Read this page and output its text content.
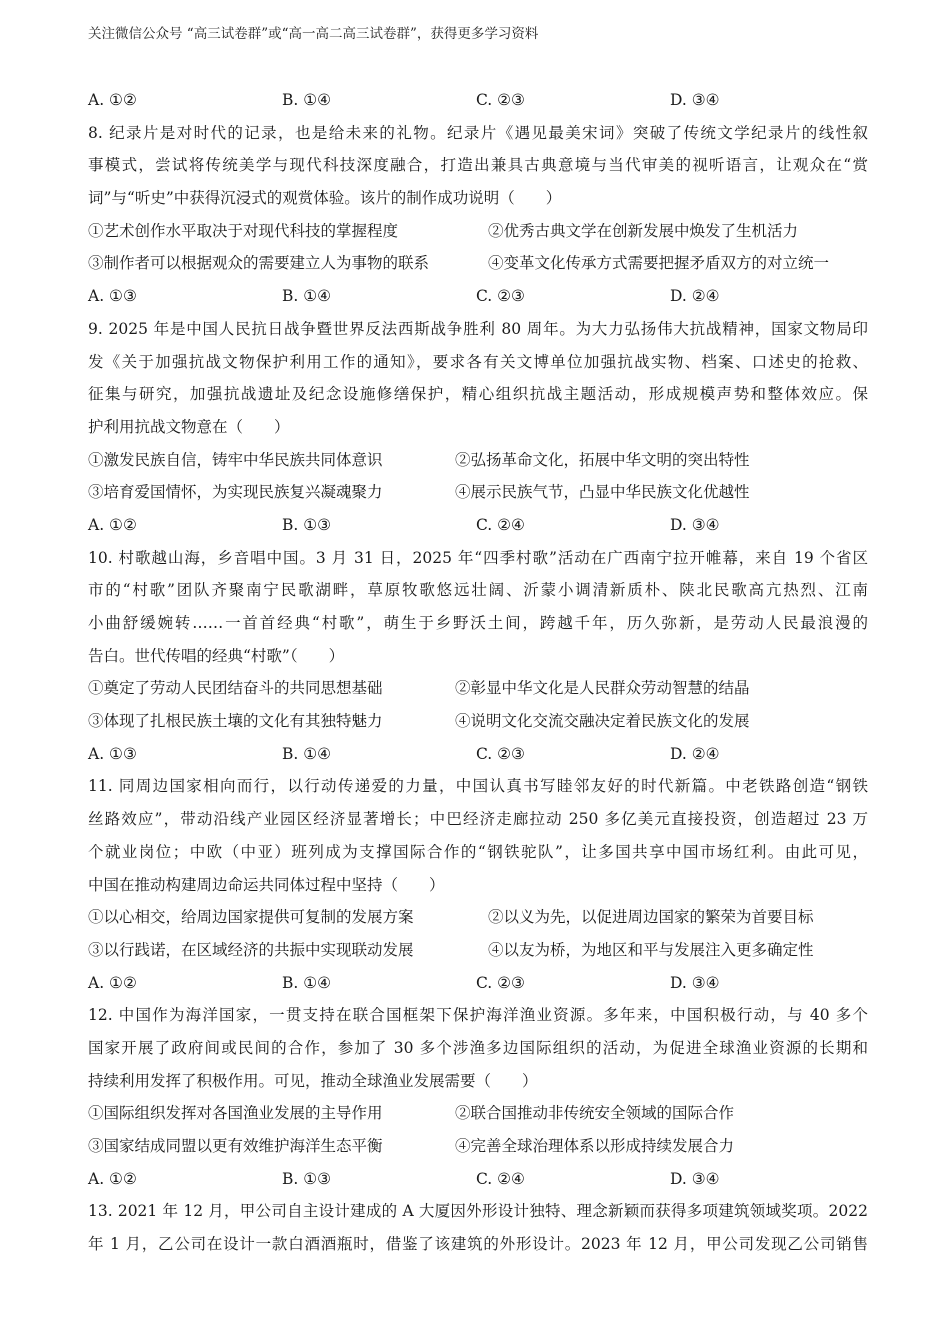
关注微信公众号 “高三试卷群”或“高一高二高三试卷群”，获得更多学习资料
A. ①②	B. ①④	C. ②③	D. ③④
8. 纪录片是对时代的记录，也是给未来的礼物。纪录片《遇见最美宋词》突破了传统文学纪录片的线性叙
事模式，尝试将传统美学与现代科技深度融合，打造出兼具古典意境与当代审美的视听语言，让观众在“赏
词”与“听史”中获得沉浸式的观赏体验。该片的制作成功说明（　　）
①艺术创作水平取决于对现代科技的掌握程度	②优秀古典文学在创新发展中焕发了生机活力
③制作者可以根据观众的需要建立人为事物的联系	④变革文化传承方式需要把握矛盾双方的对立统一
A. ①③	B. ①④	C. ②③	D. ②④
9. 2025 年是中国人民抗日战争暨世界反法西斯战争胜利 80 周年。为大力弘扬伟大抗战精神，国家文物局印
发《关于加强抗战文物保护利用工作的通知》，要求各有关文博单位加强抗战实物、档案、口述史的抢救、
征集与研究，加强抗战遗址及纪念设施修缮保护，精心组织抗战主题活动，形成规模声势和整体效应。保
护利用抗战文物意在（　　）
①激发民族自信，铸牢中华民族共同体意识	②弘扬革命文化，拓展中华文明的突出特性
③培育爱国情怀，为实现民族复兴凝魂聚力	④展示民族气节，凸显中华民族文化优越性
A. ①②	B. ①③	C. ②④	D. ③④
10. 村歌越山海，乡音唱中国。3 月 31 日，2025 年“四季村歌”活动在广西南宁拉开帷幕，来自 19 个省区
市的“村歌”团队齐聚南宁民歌湖畔，草原牧歌悠远壮阔、沂蒙小调清新质朴、陕北民歌高亢热烈、江南
小曲舒缓婉转……一首首经典“村歌”，萌生于乡野沃土间，跨越千年，历久弥新，是劳动人民最浪漫的
告白。世代传唱的经典“村歌”（　　）
①奠定了劳动人民团结奋斗的共同思想基础	②彰显中华文化是人民群众劳动智慧的结晶
③体现了扎根民族土壤的文化有其独特魅力	④说明文化交流交融决定着民族文化的发展
A. ①③	B. ①④	C. ②③	D. ②④
11. 同周边国家相向而行，以行动传递爱的力量，中国认真书写睦邻友好的时代新篇。中老铁路创造“钢铁
丝路效应”，带动沿线产业园区经济显著增长；中巴经济走廊拉动 250 多亿美元直接投资，创造超过 23 万
个就业岗位；中欧（中亚）班列成为支撑国际合作的“钢铁驼队”，让多国共享中国市场红利。由此可见，
中国在推动构建周边命运共同体过程中坚持（　　）
①以心相交，给周边国家提供可复制的发展方案	②以义为先，以促进周边国家的繁荣为首要目标
③以行践诺，在区域经济的共振中实现联动发展	④以友为桥，为地区和平与发展注入更多确定性
A. ①②	B. ①④	C. ②③	D. ③④
12. 中国作为海洋国家，一贯支持在联合国框架下保护海洋渔业资源。多年来，中国积极行动，与 40 多个
国家开展了政府间或民间的合作，参加了 30 多个涉渔多边国际组织的活动，为促进全球渔业资源的长期和
持续利用发挥了积极作用。可见，推动全球渔业发展需要（　　）
①国际组织发挥对各国渔业发展的主导作用	②联合国推动非传统安全领域的国际合作
③国家结成同盟以更有效维护海洋生态平衡	④完善全球治理体系以形成持续发展合力
A. ①②	B. ①③	C. ②④	D. ③④
13. 2021 年 12 月，甲公司自主设计建成的 A 大厦因外形设计独特、理念新颖而获得多项建筑领域奖项。2022
年 1 月，乙公司在设计一款白酒酒瓶时，借鉴了该建筑的外形设计。2023 年 12 月，甲公司发现乙公司销售
